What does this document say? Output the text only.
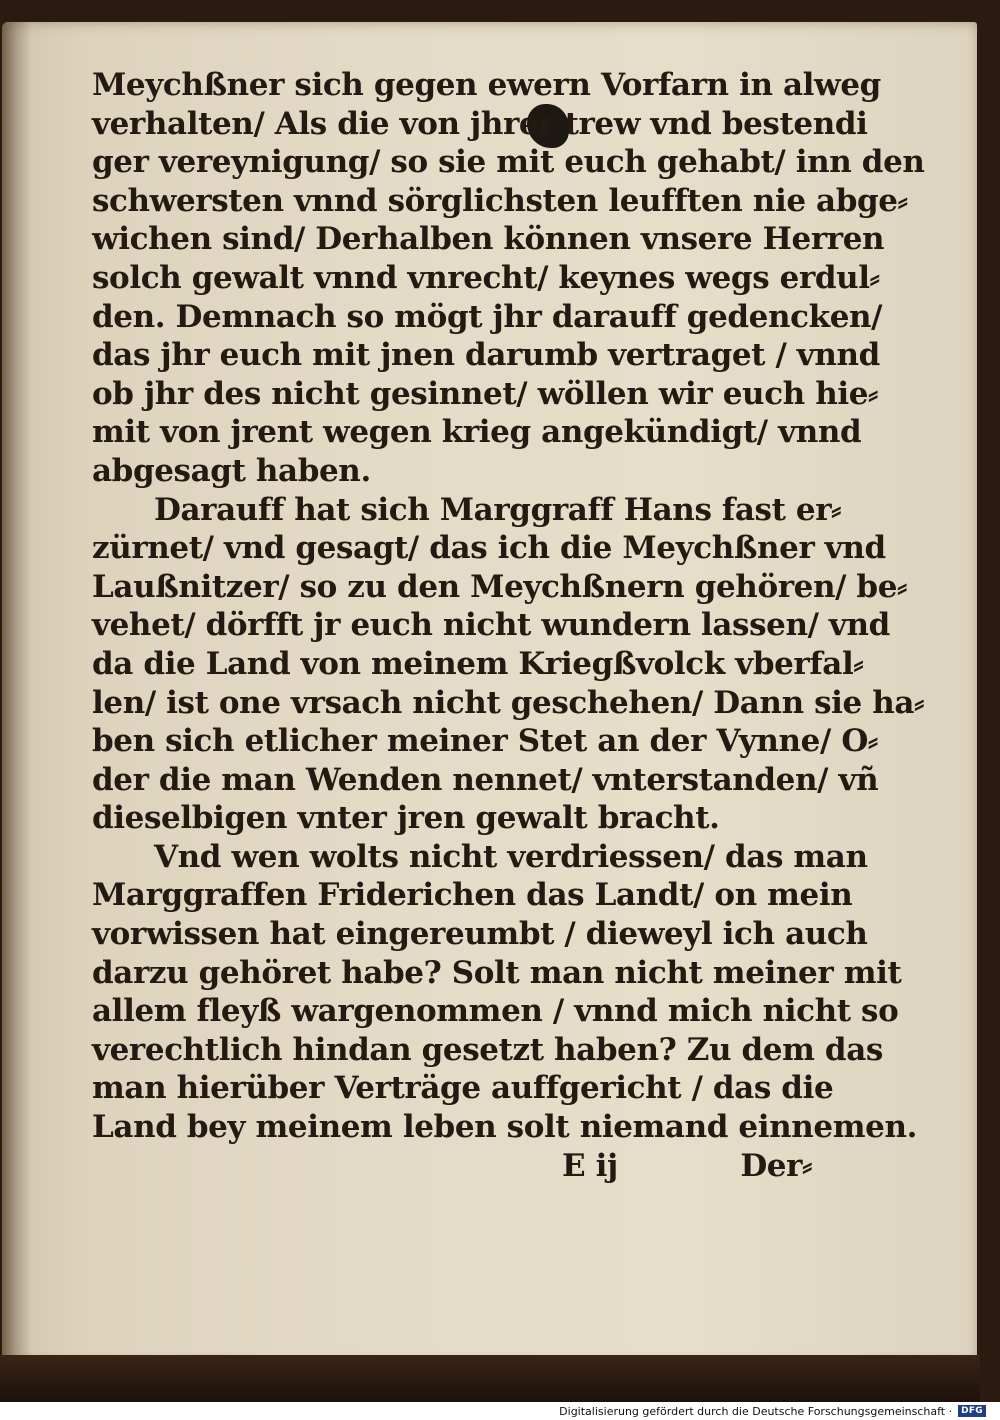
Meychßner sich gegen ewern Vorfarn in alweg
verhalten/ Als die von jhrer trew vnd bestendi
ger vereynigung/ so sie mit euch gehabt/ inn den
schwersten vnnd sörglichsten leufften nie abge⸗
wichen sind/ Derhalben können vnsere Herren
solch gewalt vnnd vnrecht/ keynes wegs erdul⸗
den. Demnach so mögt jhr darauff gedencken/
das jhr euch mit jnen darumb vertraget / vnnd
ob jhr des nicht gesinnet/ wöllen wir euch hie⸗
mit von jrent wegen krieg angekündigt/ vnnd
abgesagt haben.
Darauff hat sich Marggraff Hans fast er⸗
zürnet/ vnd gesagt/ das ich die Meychßner vnd
Laußnitzer/ so zu den Meychßnern gehören/ be⸗
vehet/ dörfft jr euch nicht wundern lassen/ vnd
da die Land von meinem Kriegßvolck vberfal⸗
len/ ist one vrsach nicht geschehen/ Dann sie ha⸗
ben sich etlicher meiner Stet an der Vynne/ O⸗
der die man Wenden nennet/ vnterstanden/ vñ
dieselbigen vnter jren gewalt bracht.
Vnd wen wolts nicht verdriessen/ das man
Marggraffen Friderichen das Landt/ on mein
vorwissen hat eingereumbt / dieweyl ich auch
darzu gehöret habe? Solt man nicht meiner mit
allem fleyß wargenommen / vnnd mich nicht so
verechtlich hindan gesetzt haben? Zu dem das
man hierüber Verträge auffgericht / das die
Land bey meinem leben solt niemand einnemen.
E ij	Der⸗
Digitalisierung gefördert durch die Deutsche Forschungsgemeinschaft ·	DFG
